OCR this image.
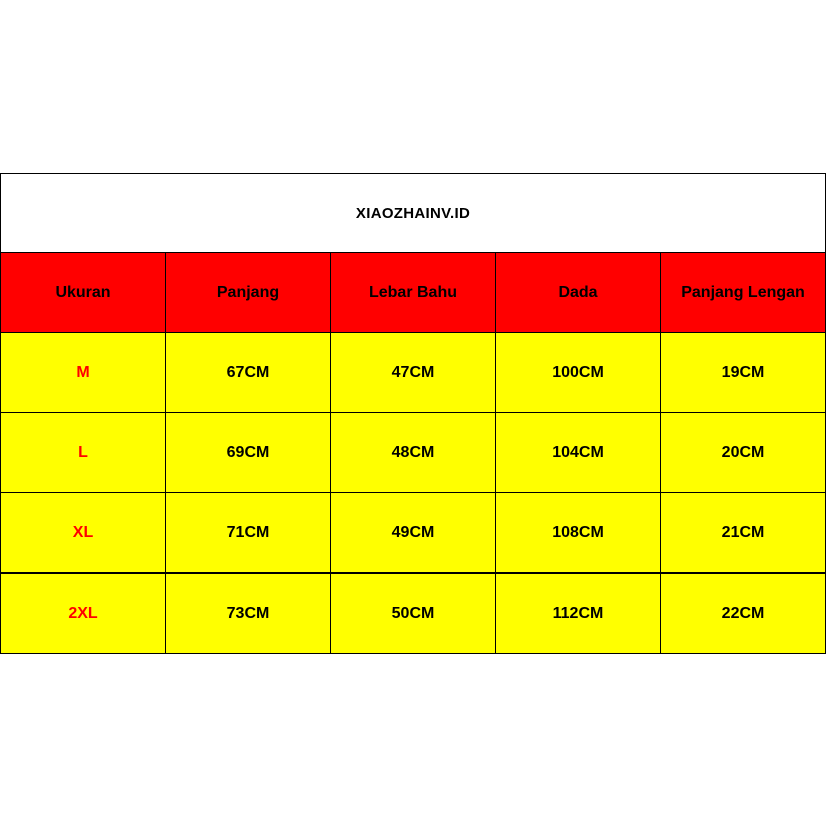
XIAOZHAINV.ID				
Ukuran	Panjang	Lebar Bahu	Dada	Panjang Lengan
M	67CM	47CM	100CM	19CM
L	69CM	48CM	104CM	20CM
XL	71CM	49CM	108CM	21CM
2XL	73CM	50CM	112CM	22CM
